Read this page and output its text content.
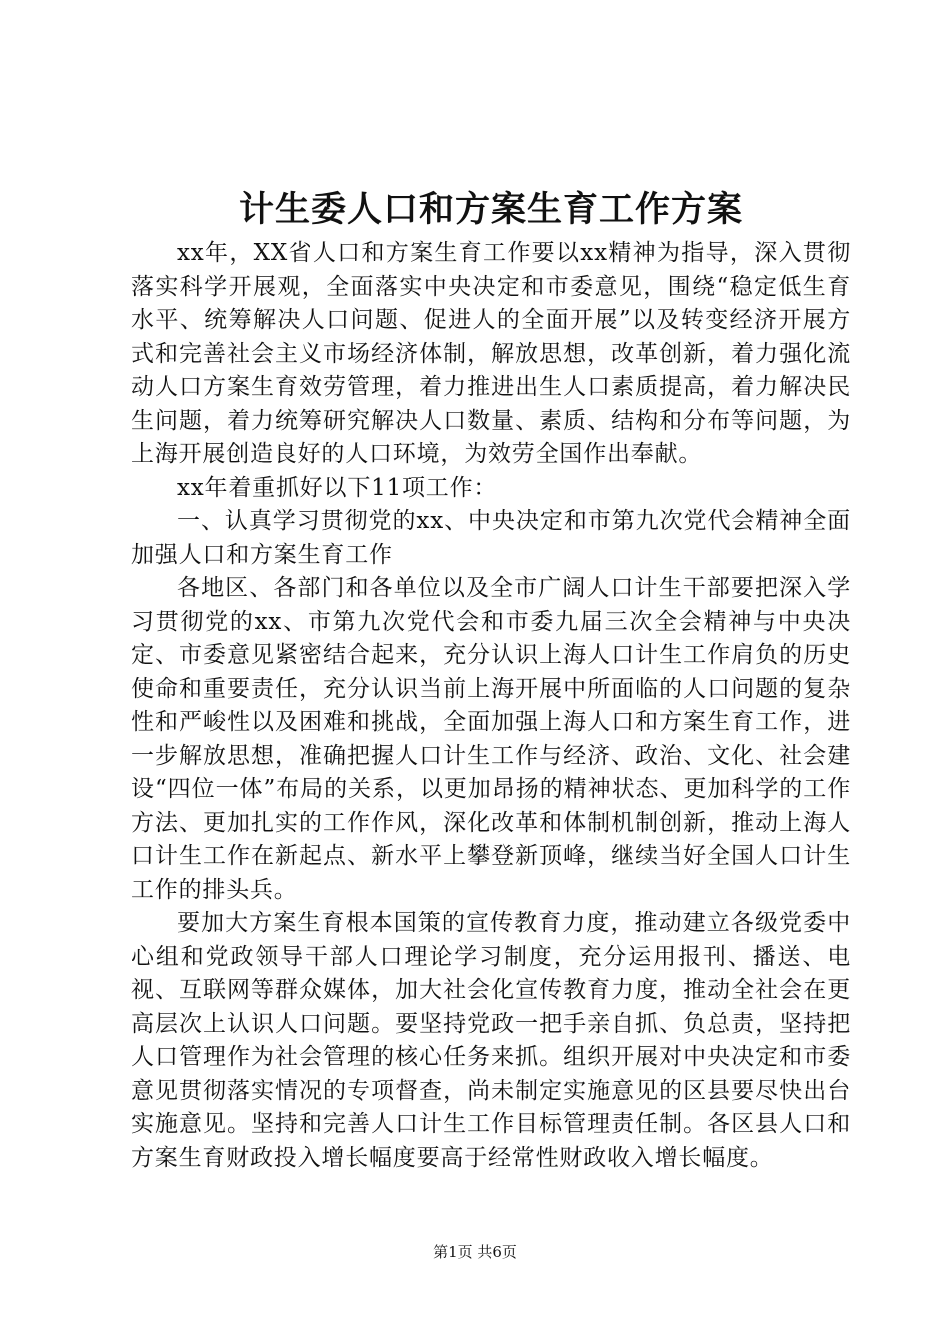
计生委人口和方案生育工作方案

xx年，XX省人口和方案生育工作要以xx精神为指导，深入贯彻落实科学开展观，全面落实中央决定和市委意见，围绕“稳定低生育水平、统筹解决人口问题、促进人的全面开展”以及转变经济开展方式和完善社会主义市场经济体制，解放思想，改革创新，着力强化流动人口方案生育效劳管理，着力推进出生人口素质提高，着力解决民生问题，着力统筹研究解决人口数量、素质、结构和分布等问题，为上海开展创造良好的人口环境，为效劳全国作出奉献。

xx年着重抓好以下11项工作：

一、认真学习贯彻党的xx、中央决定和市第九次党代会精神全面加强人口和方案生育工作

各地区、各部门和各单位以及全市广阔人口计生干部要把深入学习贯彻党的xx、市第九次党代会和市委九届三次全会精神与中央决定、市委意见紧密结合起来，充分认识上海人口计生工作肩负的历史使命和重要责任，充分认识当前上海开展中所面临的人口问题的复杂性和严峻性以及困难和挑战，全面加强上海人口和方案生育工作，进一步解放思想，准确把握人口计生工作与经济、政治、文化、社会建设“四位一体”布局的关系，以更加昂扬的精神状态、更加科学的工作方法、更加扎实的工作作风，深化改革和体制机制创新，推动上海人口计生工作在新起点、新水平上攀登新顶峰，继续当好全国人口计生工作的排头兵。

要加大方案生育根本国策的宣传教育力度，推动建立各级党委中心组和党政领导干部人口理论学习制度，充分运用报刊、播送、电视、互联网等群众媒体，加大社会化宣传教育力度，推动全社会在更高层次上认识人口问题。要坚持党政一把手亲自抓、负总责，坚持把人口管理作为社会管理的核心任务来抓。组织开展对中央决定和市委意见贯彻落实情况的专项督查，尚未制定实施意见的区县要尽快出台实施意见。坚持和完善人口计生工作目标管理责任制。各区县人口和方案生育财政投入增长幅度要高于经常性财政收入增长幅度。

第1页 共6页
